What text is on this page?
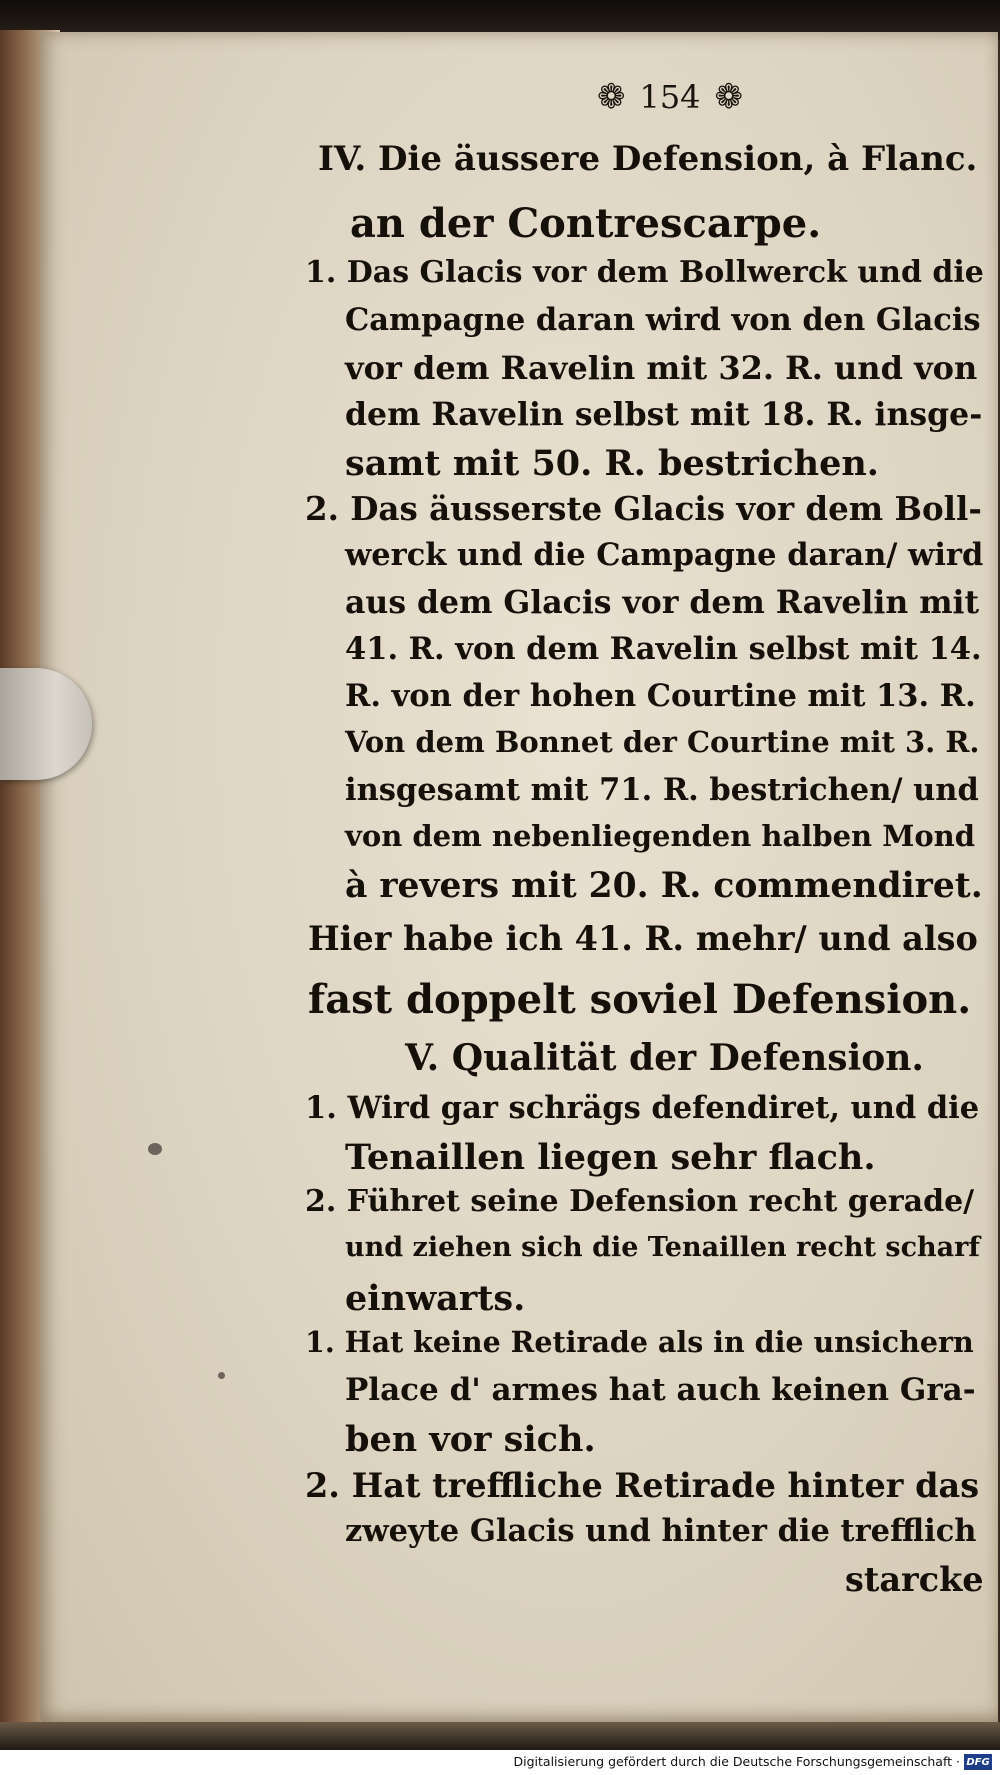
❁ 154 ❁
IV. Die äussere Defension, à Flanc.
an der Contrescarpe.
1. Das Glacis vor dem Bollwerck und die
Campagne daran wird von den Glacis
vor dem Ravelin mit 32. R. und von
dem Ravelin selbst mit 18. R. insge-
samt mit 50. R. bestrichen.
2. Das äusserste Glacis vor dem Boll-
werck und die Campagne daran/ wird
aus dem Glacis vor dem Ravelin mit
41. R. von dem Ravelin selbst mit 14.
R. von der hohen Courtine mit 13. R.
Von dem Bonnet der Courtine mit 3. R.
insgesamt mit 71. R. bestrichen/ und
von dem nebenliegenden halben Mond
à revers mit 20. R. commendiret.
Hier habe ich 41. R. mehr/ und also
fast doppelt soviel Defension.
V. Qualität der Defension.
1. Wird gar schrägs defendiret, und die
Tenaillen liegen sehr flach.
2. Führet seine Defension recht gerade/
und ziehen sich die Tenaillen recht scharf
einwarts.
1. Hat keine Retirade als in die unsichern
Place d' armes hat auch keinen Gra-
ben vor sich.
2. Hat treffliche Retirade hinter das
zweyte Glacis und hinter die trefflich
starcke
Digitalisierung gefördert durch die Deutsche Forschungsgemeinschaft · DFG
